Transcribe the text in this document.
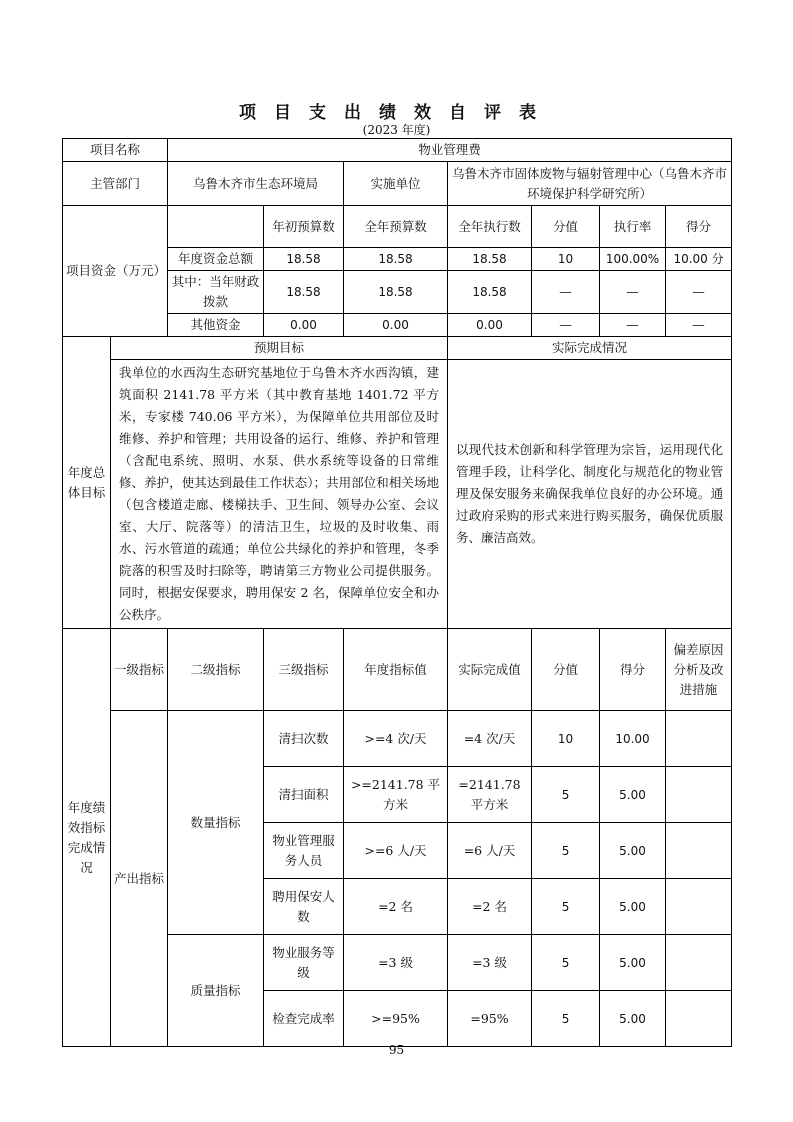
项目支出绩效自评表
(2023 年度)
项目名称		物业管理费						
主管部门		乌鲁木齐市生态环境局		实施单位	乌鲁木齐市固体废物与辐射管理中心（乌鲁木齐市环境保护科学研究所）			
项目资金（万元）			年初预算数	全年预算数	全年执行数	分值	执行率	得分
		年度资金总额	18.58	18.58	18.58	10	100.00%	10.00 分
		其中：当年财政拨款	18.58	18.58	18.58	—	—	—
		其他资金	0.00	0.00	0.00	—	—	—
年度总体目标	预期目标				实际完成情况			
	我单位的水西沟生态研究基地位于乌鲁木齐水西沟镇，建筑面积 2141.78 平方米（其中教育基地 1401.72 平方米，专家楼 740.06 平方米），为保障单位共用部位及时维修、养护和管理；共用设备的运行、维修、养护和管理（含配电系统、照明、水泵、供水系统等设备的日常维修、养护，使其达到最佳工作状态）；共用部位和相关场地（包含楼道走廊、楼梯扶手、卫生间、领导办公室、会议室、大厅、院落等）的清洁卫生，垃圾的及时收集、雨水、污水管道的疏通；单位公共绿化的养护和管理，冬季院落的积雪及时扫除等，聘请第三方物业公司提供服务。同时，根据安保要求，聘用保安 2 名，保障单位安全和办公秩序。				以现代技术创新和科学管理为宗旨，运用现代化管理手段，让科学化、制度化与规范化的物业管理及保安服务来确保我单位良好的办公环境。通过政府采购的形式来进行购买服务，确保优质服务、廉洁高效。			
年度绩效指标完成情况	一级指标	二级指标	三级指标	年度指标值	实际完成值	分值	得分	偏差原因分析及改进措施
	产出指标	数量指标	清扫次数	>=4 次/天	=4 次/天	10	10.00	
			清扫面积	>=2141.78 平方米	=2141.78 平方米	5	5.00	
			物业管理服务人员	>=6 人/天	=6 人/天	5	5.00	
			聘用保安人数	=2 名	=2 名	5	5.00	
		质量指标	物业服务等级	=3 级	=3 级	5	5.00	
			检查完成率	>=95%	=95%	5	5.00	
95
